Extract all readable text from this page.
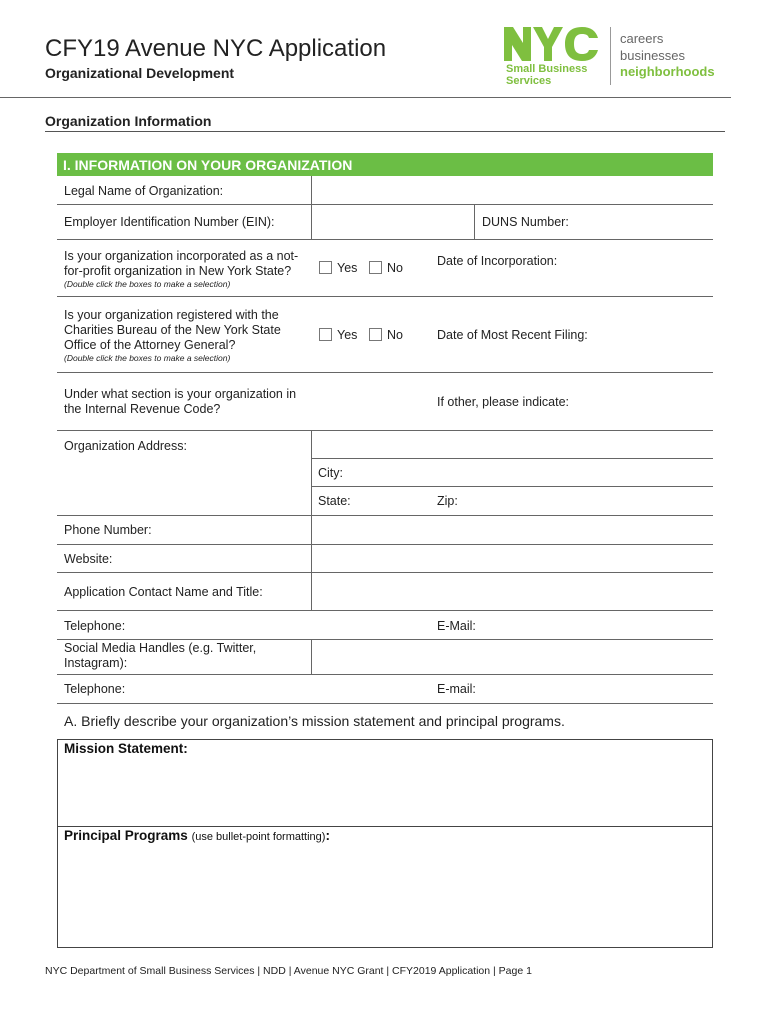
CFY19 Avenue NYC Application
Organizational Development	Small Business
Services
careers
businesses
neighborhoods
Organization Information
I. INFORMATION ON YOUR ORGANIZATION
Legal Name of Organization:
Employer Identification Number (EIN):	DUNS Number:
Is your organization incorporated as a not-
for-profit organization in New York State?
(Double click the boxes to make a selection)
Yes No	Date of Incorporation:
Is your organization registered with the
Charities Bureau of the New York State
Office of the Attorney General?
(Double click the boxes to make a selection)
Yes No	Date of Most Recent Filing:
Under what section is your organization in
the Internal Revenue Code?	If other, please indicate:
Organization Address:
City:
State:	Zip:
Phone Number:
Website:
Application Contact Name and Title:
Telephone:	E-Mail:
Social Media Handles (e.g. Twitter,
Instagram):
Telephone:	E-mail:
A. Briefly describe your organization’s mission statement and principal programs.
Mission Statement:
Principal Programs (use bullet-point formatting):
NYC Department of Small Business Services | NDD | Avenue NYC Grant | CFY2019 Application | Page 1
